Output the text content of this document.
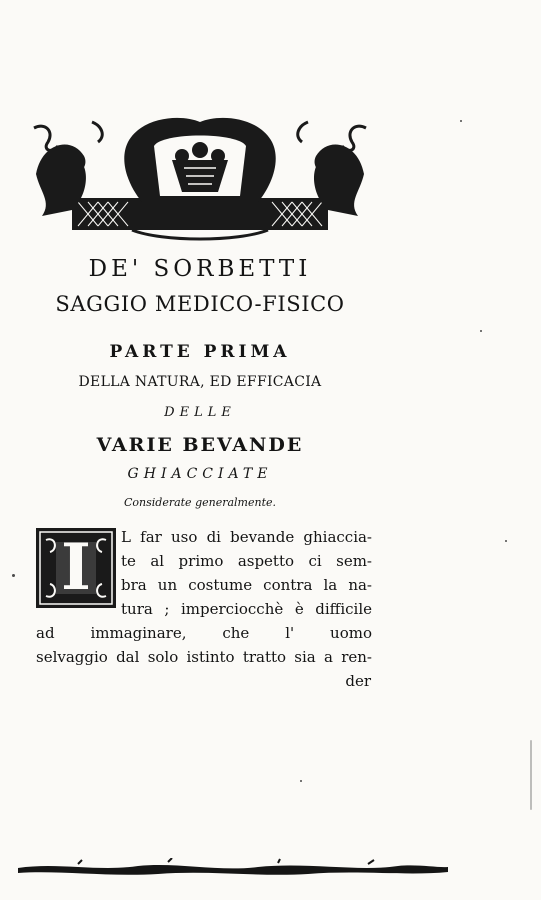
DE' SORBETTI
SAGGIO MEDICO-FISICO
PARTE PRIMA
DELLA NATURA, ED EFFICACIA
DELLE
VARIE BEVANDE
GHIACCIATE
Considerate generalmente.
I	L far uso di bevande ghiaccia-
te al primo aspetto ci sem-
bra un costume contra la na-
tura ; imperciocchè è difficile
ad immaginare, che l' uomo
selvaggio dal solo istinto tratto sia a ren-
der
